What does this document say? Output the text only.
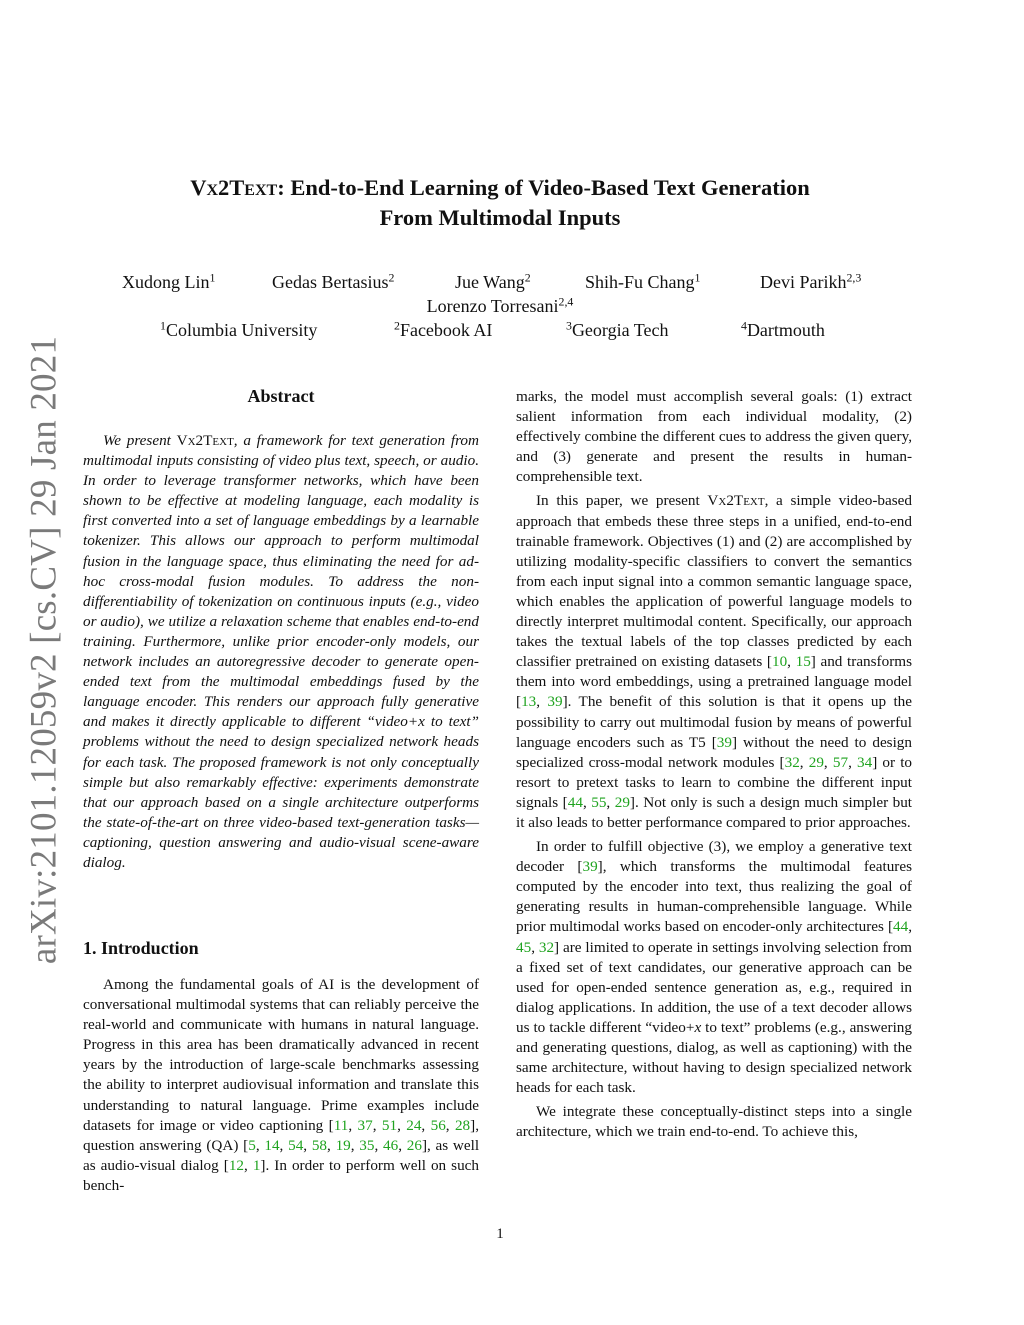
arXiv:2101.12059v2 [cs.CV] 29 Jan 2021
Vx2Text: End-to-End Learning of Video-Based Text Generation
From Multimodal Inputs
Xudong Lin$^1$	Gedas Bertasius$^2$	Jue Wang$^2$	Shih-Fu Chang$^1$	Devi Parikh$^{2,3}$
Lorenzo Torresani$^{2,4}$
$^1$Columbia University	$^2$Facebook AI	$^3$Georgia Tech	$^4$Dartmouth
Abstract

We present Vx2Text, a framework for text generation from multimodal inputs consisting of video plus text, speech, or audio. In order to leverage transformer networks, which have been shown to be effective at modeling language, each modality is first converted into a set of language embeddings by a learnable tokenizer. This allows our approach to perform multimodal fusion in the language space, thus eliminating the need for ad-hoc cross-modal fusion modules. To address the non-differentiability of tokenization on continuous inputs (e.g., video or audio), we utilize a relaxation scheme that enables end-to-end training. Furthermore, unlike prior encoder-only models, our network includes an autoregressive decoder to generate open-ended text from the multimodal embeddings fused by the language encoder. This renders our approach fully generative and makes it directly applicable to different “video+x to text” problems without the need to design specialized network heads for each task. The proposed framework is not only conceptually simple but also remarkably effective: experiments demonstrate that our approach based on a single architecture outperforms the state-of-the-art on three video-based text-generation tasks—captioning, question answering and audio-visual scene-aware dialog.

1. Introduction

Among the fundamental goals of AI is the development of conversational multimodal systems that can reliably perceive the real-world and communicate with humans in natural language. Progress in this area has been dramatically advanced in recent years by the introduction of large-scale benchmarks assessing the ability to interpret audiovisual information and translate this understanding to natural language. Prime examples include datasets for image or video captioning [11, 37, 51, 24, 56, 28], question answering (QA) [5, 14, 54, 58, 19, 35, 46, 26], as well as audio-visual dialog [12, 1]. In order to perform well on such bench-

marks, the model must accomplish several goals: (1) extract salient information from each individual modality, (2) effectively combine the different cues to address the given query, and (3) generate and present the results in human-comprehensible text.

In this paper, we present Vx2Text, a simple video-based approach that embeds these three steps in a unified, end-to-end trainable framework. Objectives (1) and (2) are accomplished by utilizing modality-specific classifiers to convert the semantics from each input signal into a common semantic language space, which enables the application of powerful language models to directly interpret multimodal content. Specifically, our approach takes the textual labels of the top classes predicted by each classifier pretrained on existing datasets [10, 15] and transforms them into word embeddings, using a pretrained language model [13, 39]. The benefit of this solution is that it opens up the possibility to carry out multimodal fusion by means of powerful language encoders such as T5 [39] without the need to design specialized cross-modal network modules [32, 29, 57, 34] or to resort to pretext tasks to learn to combine the different input signals [44, 55, 29]. Not only is such a design much simpler but it also leads to better performance compared to prior approaches.

In order to fulfill objective (3), we employ a generative text decoder [39], which transforms the multimodal features computed by the encoder into text, thus realizing the goal of generating results in human-comprehensible language. While prior multimodal works based on encoder-only architectures [44, 45, 32] are limited to operate in settings involving selection from a fixed set of text candidates, our generative approach can be used for open-ended sentence generation as, e.g., required in dialog applications. In addition, the use of a text decoder allows us to tackle different “video+x to text” problems (e.g., answering and generating questions, dialog, as well as captioning) with the same architecture, without having to design specialized network heads for each task.

We integrate these conceptually-distinct steps into a single architecture, which we train end-to-end. To achieve this,

1
